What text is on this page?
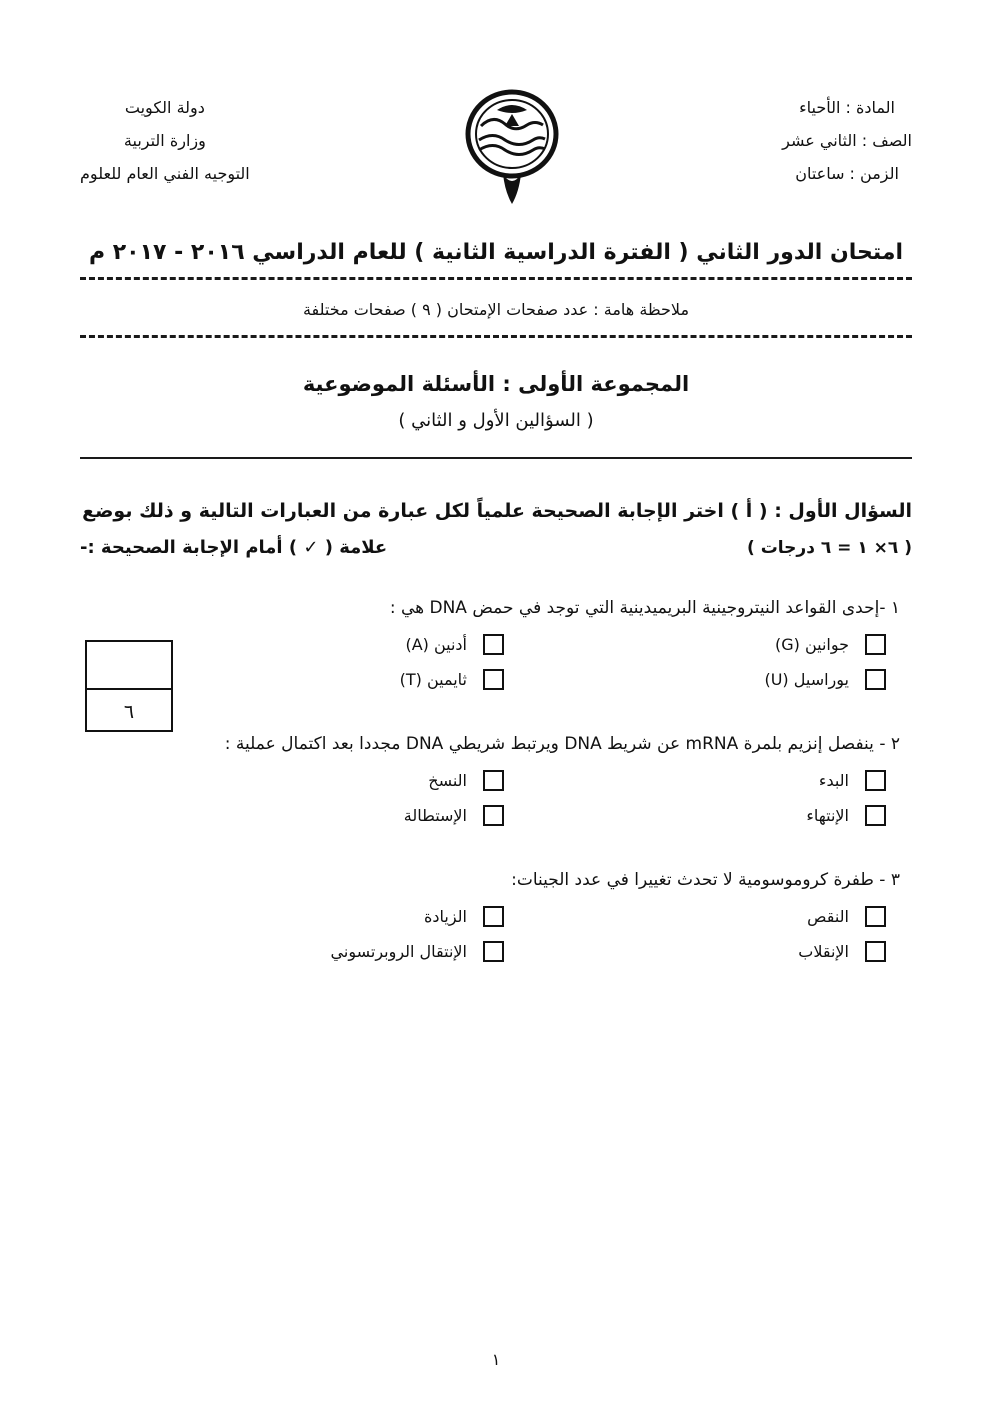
دولة الكويت
وزارة التربية
التوجيه الفني العام للعلوم
المادة : الأحياء
الصف : الثاني عشر
الزمن : ساعتان
امتحان الدور الثاني ( الفترة الدراسية الثانية ) للعام الدراسي ٢٠١٦ - ٢٠١٧ م
ملاحظة هامة : عدد صفحات الإمتحان ( ٩ ) صفحات مختلفة
المجموعة الأولى : الأسئلة الموضوعية
( السؤالين الأول و الثاني )
السؤال الأول : ( أ ) اختر الإجابة الصحيحة علمياً لكل عبارة من العبارات التالية و ذلك بوضع
( ٦× ١ = ٦ درجات )
علامة ( ✓ ) أمام الإجابة الصحيحة :-
٦
١ -إحدى القواعد النيتروجينية البريميدينية التي توجد في حمض DNA هي :
جوانين (G)
أدنين (A)
يوراسيل (U)
ثايمين (T)
٢ - ينفصل إنزيم بلمرة mRNA عن شريط DNA ويرتبط شريطي DNA مجددا بعد اكتمال عملية :
البدء
النسخ
الإنتهاء
الإستطالة
٣ - طفرة كروموسومية لا تحدث تغييرا في عدد الجينات:
النقص
الزيادة
الإنقلاب
الإنتقال الروبرتسوني
١
